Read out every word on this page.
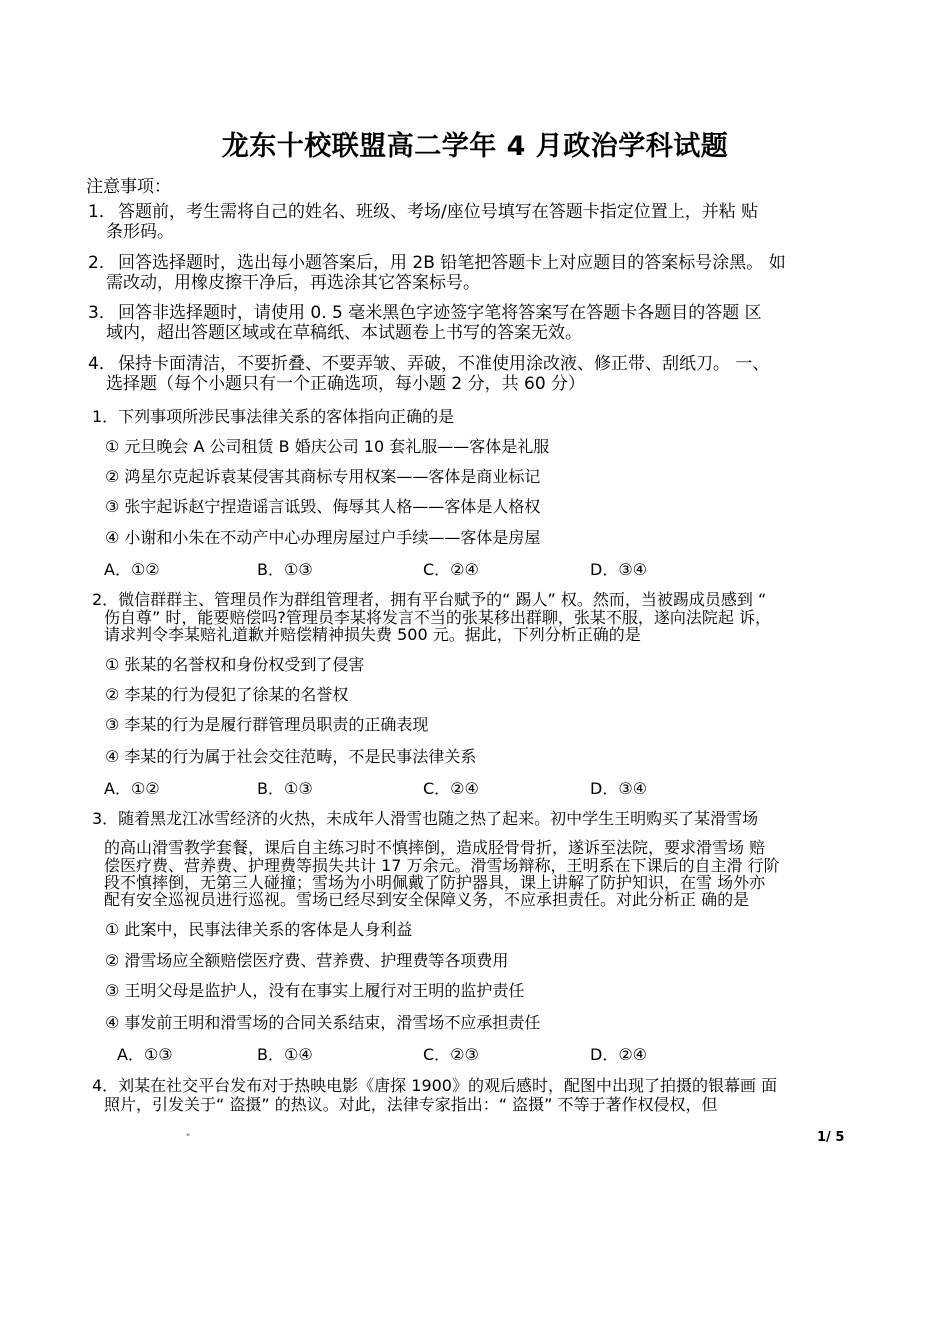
龙东十校联盟高二学年 4 月政治学科试题
注意事项：
1． 答题前，考生需将自己的姓名、班级、考场/座位号填写在答题卡指定位置上，并粘 贴
条形码。
2． 回答选择题时，选出每小题答案后，用 2B 铅笔把答题卡上对应题目的答案标号涂黑。 如
需改动，用橡皮擦干净后，再选涂其它答案标号。
3． 回答非选择题时，请使用 0. 5 毫米黑色字迹签字笔将答案写在答题卡各题目的答题 区
域内，超出答题区域或在草稿纸、本试题卷上书写的答案无效。
4． 保持卡面清洁，不要折叠、不要弄皱、弄破，不准使用涂改液、修正带、刮纸刀。 一、
选择题（每个小题只有一个正确选项，每小题 2 分，共 60 分）
1．下列事项所涉民事法律关系的客体指向正确的是
① 元旦晚会 A 公司租赁 B 婚庆公司 10 套礼服——客体是礼服
② 鸿星尔克起诉袁某侵害其商标专用权案——客体是商业标记
③ 张宇起诉赵宁捏造谣言诋毁、侮辱其人格——客体是人格权
④ 小谢和小朱在不动产中心办理房屋过户手续——客体是房屋
A．①②	B．①③	C．②④	D．③④
2．微信群群主、管理员作为群组管理者，拥有平台赋予的“ 踢人” 权。然而，当被踢成员感到 “
伤自尊” 时，能要赔偿吗?管理员李某将发言不当的张某移出群聊，张某不服，遂向法院起 诉，
请求判令李某赔礼道歉并赔偿精神损失费 500 元。据此，下列分析正确的是
① 张某的名誉权和身份权受到了侵害
② 李某的行为侵犯了徐某的名誉权
③ 李某的行为是履行群管理员职责的正确表现
④ 李某的行为属于社会交往范畴，不是民事法律关系
A．①②	B．①③	C．②④	D．③④
3．随着黑龙江冰雪经济的火热，未成年人滑雪也随之热了起来。初中学生王明购买了某滑雪场
的高山滑雪教学套餐，课后自主练习时不慎摔倒，造成胫骨骨折，遂诉至法院，要求滑雪场 赔
偿医疗费、营养费、护理费等损失共计 17 万余元。滑雪场辩称，王明系在下课后的自主滑 行阶
段不慎摔倒，无第三人碰撞；雪场为小明佩戴了防护器具，课上讲解了防护知识，在雪 场外亦
配有安全巡视员进行巡视。雪场已经尽到安全保障义务，不应承担责任。对此分析正 确的是
① 此案中，民事法律关系的客体是人身利益
② 滑雪场应全额赔偿医疗费、营养费、护理费等各项费用
③ 王明父母是监护人，没有在事实上履行对王明的监护责任
④ 事发前王明和滑雪场的合同关系结束，滑雪场不应承担责任
A．①③	B．①④	C．②③	D．②④
4．刘某在社交平台发布对于热映电影《唐探 1900》的观后感时，配图中出现了拍摄的银幕画 面
照片，引发关于“ 盗摄” 的热议。对此，法律专家指出：“ 盗摄” 不等于著作权侵权，但
"	1/ 5
